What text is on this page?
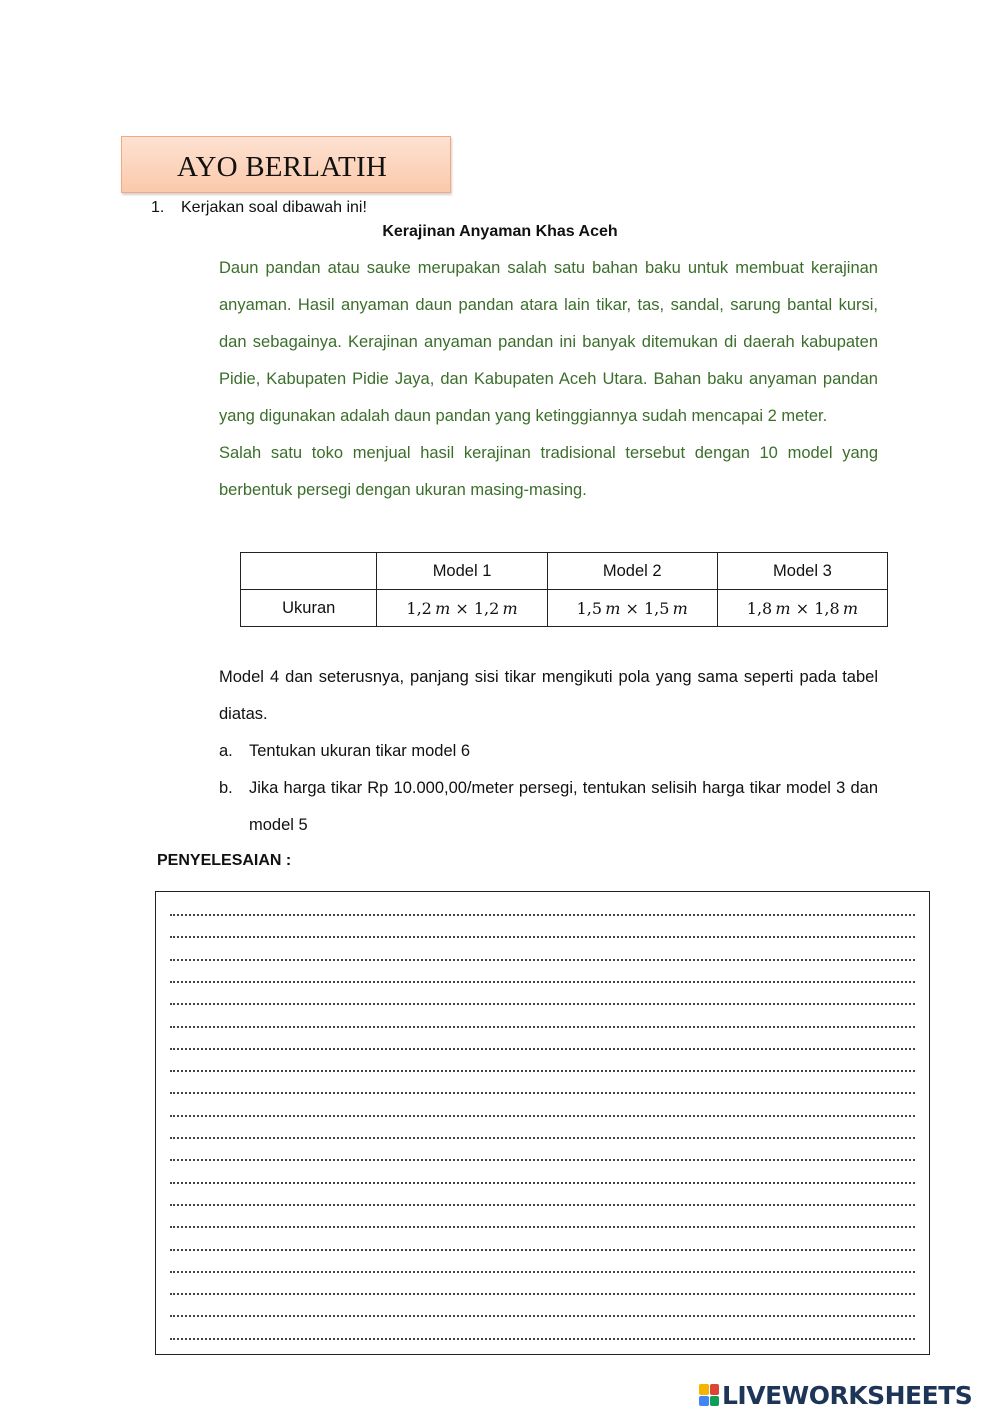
AYO BERLATIH
1. Kerjakan soal dibawah ini!
Kerajinan Anyaman Khas Aceh

Daun pandan atau sauke merupakan salah satu bahan baku untuk membuat kerajinan anyaman. Hasil anyaman daun pandan atara lain tikar, tas, sandal, sarung bantal kursi, dan sebagainya. Kerajinan anyaman pandan ini banyak ditemukan di daerah kabupaten Pidie, Kabupaten Pidie Jaya, dan Kabupaten Aceh Utara. Bahan baku anyaman pandan yang digunakan adalah daun pandan yang ketinggiannya sudah mencapai 2 meter.

Salah satu toko menjual hasil kerajinan tradisional tersebut dengan 10 model yang berbentuk persegi dengan ukuran masing-masing.

	Model 1	Model 2	Model 3
Ukuran	1,2  m × 1,2  m	1,5  m × 1,5  m	1,8  m × 1,8  m

Model 4 dan seterusnya, panjang sisi tikar mengikuti pola yang sama seperti pada tabel diatas.

a. Tentukan ukuran tikar model 6
b. Jika harga tikar Rp 10.000,00/meter persegi, tentukan selisih harga tikar model 3 dan model 5
PENYELESAIAN :
LIVEWORKSHEETS
